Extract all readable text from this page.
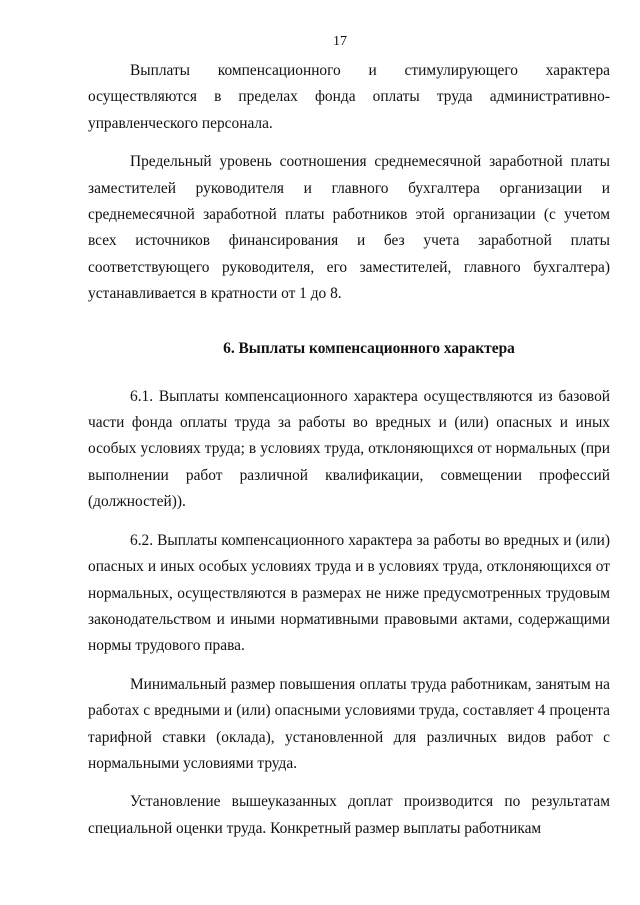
17

Выплаты компенсационного и стимулирующего характера осуществляются в пределах фонда оплаты труда административно-управленческого персонала.

Предельный уровень соотношения среднемесячной заработной платы заместителей руководителя и главного бухгалтера организации и среднемесячной заработной платы работников этой организации (с учетом всех источников финансирования и без учета заработной платы соответствующего руководителя, его заместителей, главного бухгалтера) устанавливается в кратности от 1 до 8.

6. Выплаты компенсационного характера

6.1. Выплаты компенсационного характера осуществляются из базовой части фонда оплаты труда за работы во вредных и (или) опасных и иных особых условиях труда; в условиях труда, отклоняющихся от нормальных (при выполнении работ различной квалификации, совмещении профессий (должностей)).

6.2. Выплаты компенсационного характера за работы во вредных и (или) опасных и иных особых условиях труда и в условиях труда, отклоняющихся от нормальных, осуществляются в размерах не ниже предусмотренных трудовым законодательством и иными нормативными правовыми актами, содержащими нормы трудового права.

Минимальный размер повышения оплаты труда работникам, занятым на работах с вредными и (или) опасными условиями труда, составляет 4 процента тарифной ставки (оклада), установленной для различных видов работ с нормальными условиями труда.

Установление вышеуказанных доплат производится по результатам специальной оценки труда. Конкретный размер выплаты работникам
